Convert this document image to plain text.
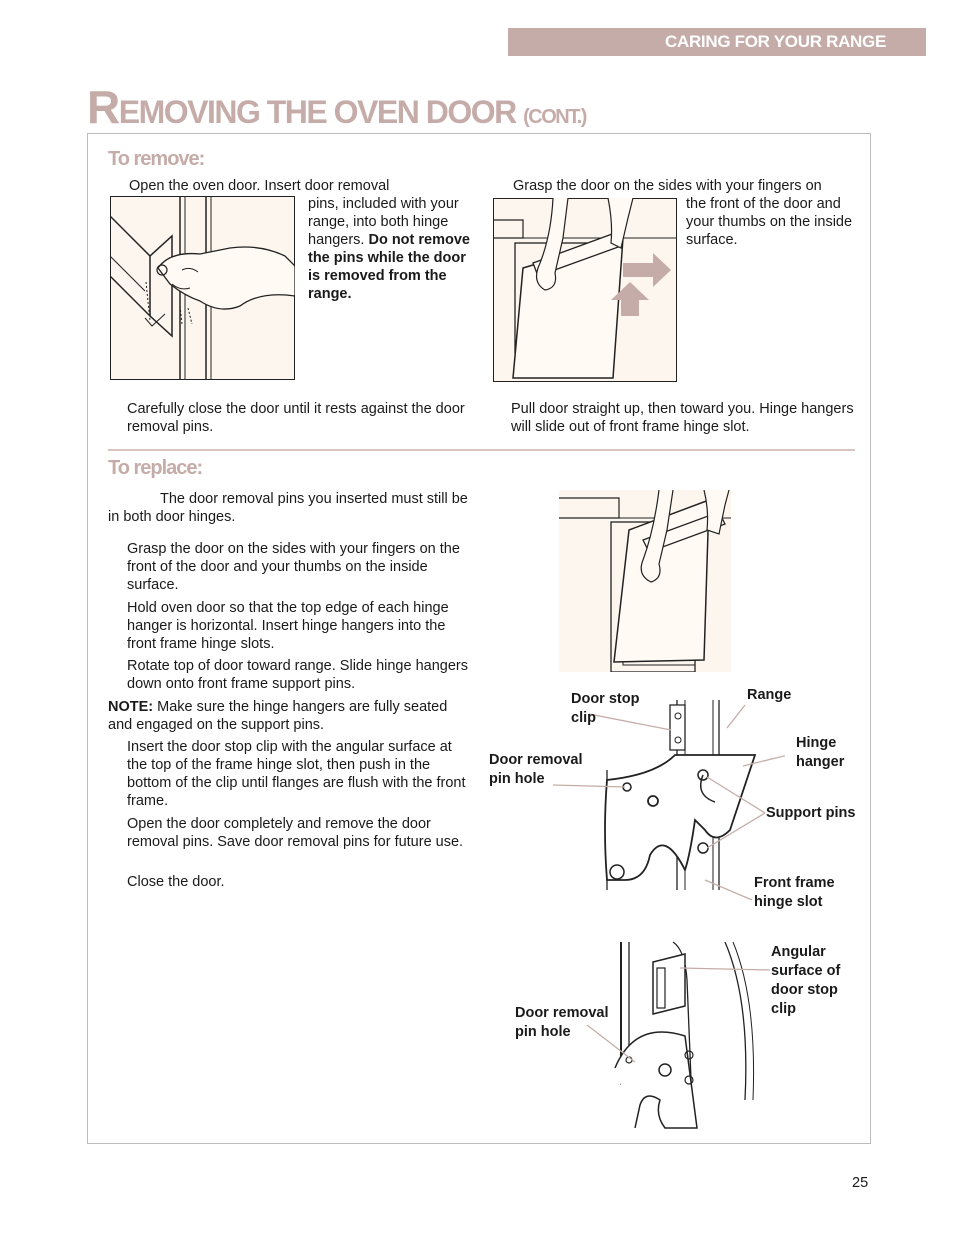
CARING FOR YOUR RANGE
REMOVING THE OVEN DOOR (CONT.)
To remove:

Open the oven door. Insert door removal
pins, included with your range, into both hinge hangers. Do not remove the pins while the door is removed from the range.

Grasp the door on the sides with your fingers on

the front of the door and your thumbs on the inside surface.

Carefully close the door until it rests against the door removal pins.

Pull door straight up, then toward you. Hinge hangers will slide out of front frame hinge slot.

To replace:

The door removal pins you inserted must still be in both door hinges.

Grasp the door on the sides with your fingers on the front of the door and your thumbs on the inside surface.

Hold oven door so that the top edge of each hinge hanger is horizontal. Insert hinge hangers into the front frame hinge slots.

Rotate top of door toward range. Slide hinge hangers down onto front frame support pins.

NOTE: Make sure the hinge hangers are fully seated and engaged on the support pins.

Insert the door stop clip with the angular surface at the top of the frame hinge slot, then push in the bottom of the clip until flanges are flush with the front frame.

Open the door completely and remove the door removal pins. Save door removal pins for future use.

Close the door.

Door stop clip

Range

Door removal pin hole

Hinge hanger

Support pins

Front frame hinge slot

Angular surface of door stop clip

Door removal pin hole

25
